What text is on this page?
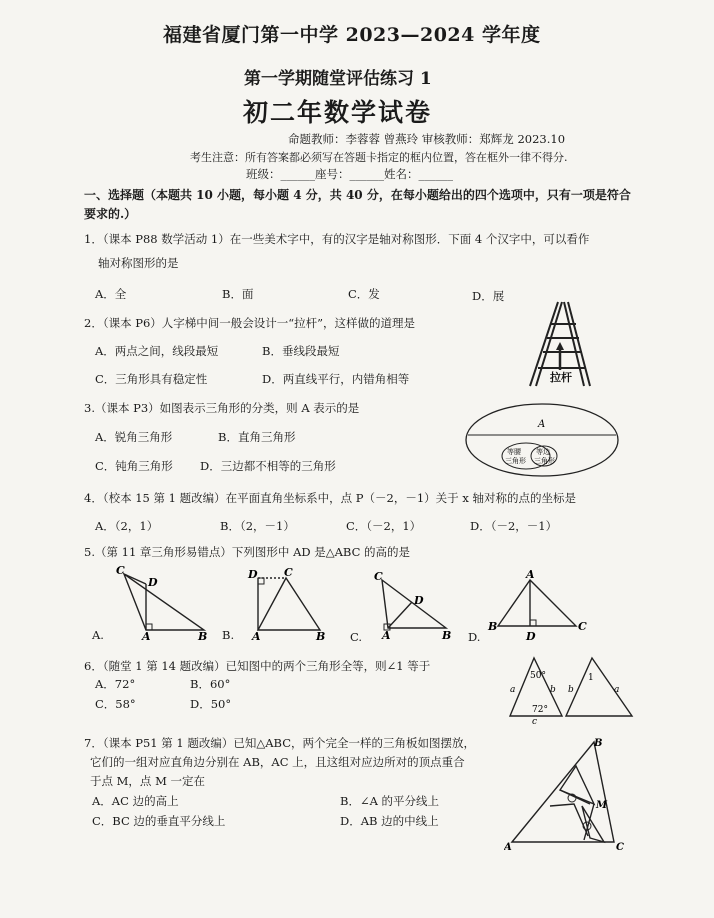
福建省厦门第一中学 2023—2024 学年度
第一学期随堂评估练习 1
初二年数学试卷
命题教师：李蓉蓉 曾燕玲 审核教师：郑辉龙 2023.10
考生注意：所有答案都必须写在答题卡指定的框内位置，答在框外一律不得分.
班级：______座号：______姓名：______
一、选择题（本题共 10 小题，每小题 4 分，共 40 分，在每小题给出的四个选项中，只有一项是符合要求的.）
1．（课本 P88 数学活动 1）在一些美术字中，有的汉字是轴对称图形．下面 4 个汉字中，可以看作
轴对称图形的是
A．全	B．面	C．发	D．展
2．（课本 P6）人字梯中间一般会设计一“拉杆”，这样做的道理是
A．两点之间，线段最短	B．垂线段最短
C．三角形具有稳定性	D．两直线平行，内错角相等	拉杆
3.（课本 P3）如图表示三角形的分类，则 A 表示的是
A．锐角三角形	B．直角三角形
C．钝角三角形 D．三边都不相等的三角形
A
等腰
三角形
等边
三角形
4．（校本 15 第 1 题改编）在平面直角坐标系中，点 P（－2，－1）关于 x 轴对称的点的坐标是
A．（2，1）	B．（2，－1）	C．（－2，1）	D．（－2，－1）
5.（第 11 章三角形易错点）下列图形中 AD 是△ABC 的高的是
A.
C
D
A	B B.
D C
A	B C.
C
D
A	B D.
A
B
D
C
6．（随堂 1 第 14 题改编）已知图中的两个三角形全等，则∠1 等于
A．72°	B．60°
C．58°	D．50°
50°
72°
a	b
c
1
b	a
7．（课本 P51 第 1 题改编）已知△ABC，两个完全一样的三角板如图摆放，
它们的一组对应直角边分别在 AB，AC 上，且这组对应边所对的顶点重合
于点 M，点 M 一定在
A．AC 边的高上	B．∠A 的平分线上
C．BC 边的垂直平分线上	D．AB 边的中线上
B
M
A	C
